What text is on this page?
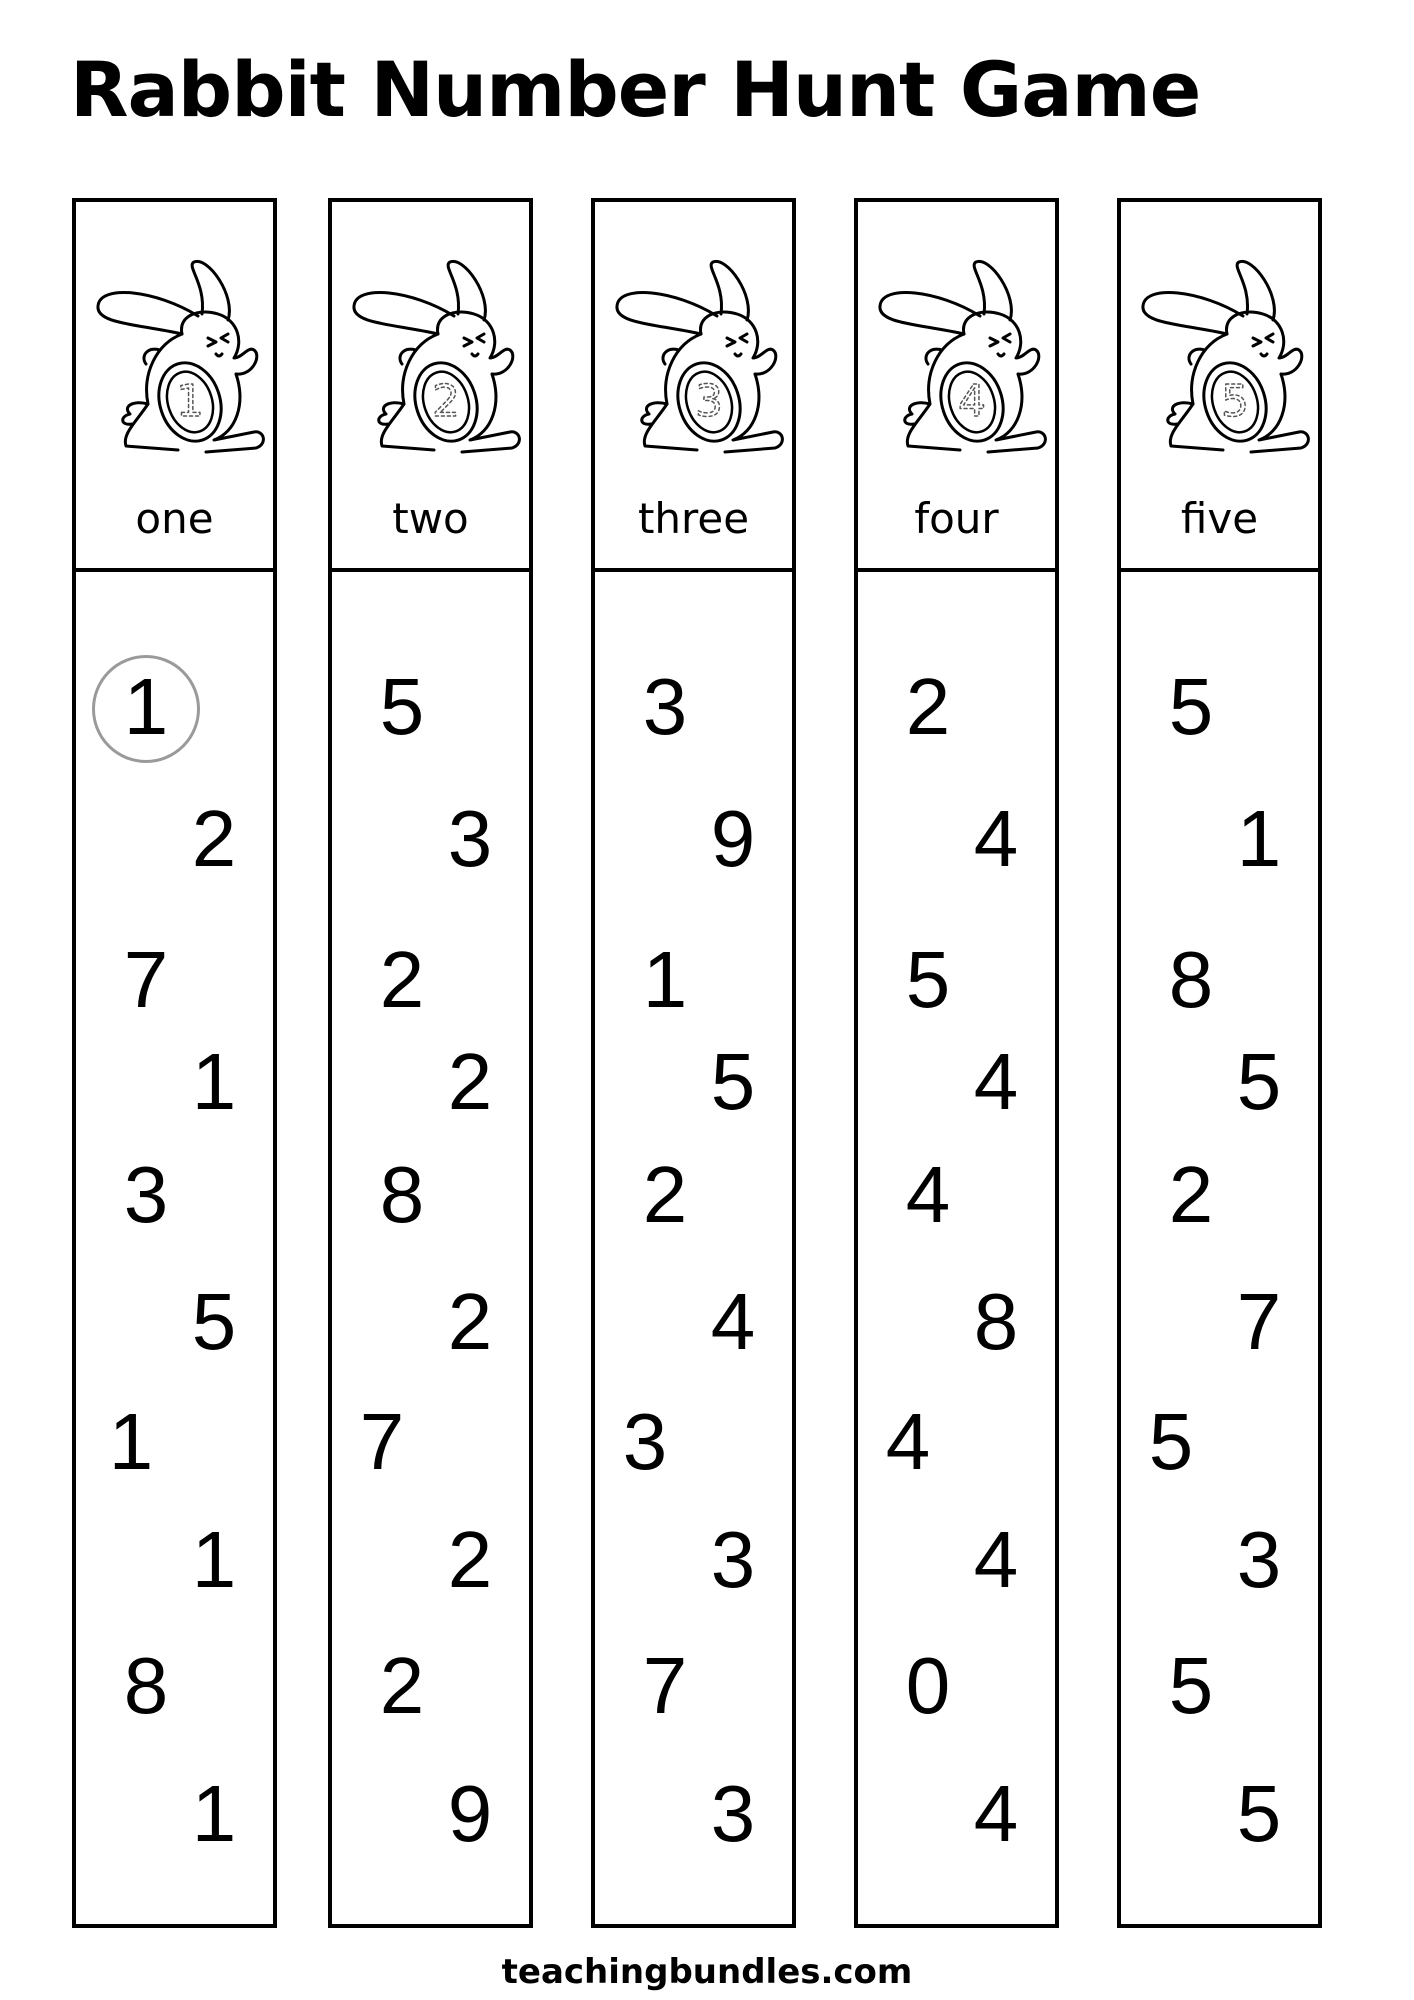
Rabbit Number Hunt Game
1
one
1
2
7
1
3
5
1
1
8
1
2
two
5
3
2
2
8
2
7
2
2
9
3
three
3
9
1
5
2
4
3
3
7
3
4
four
2
4
5
4
4
8
4
4
0
4
5
five
5
1
8
5
2
7
5
3
5
5
teachingbundles.com
